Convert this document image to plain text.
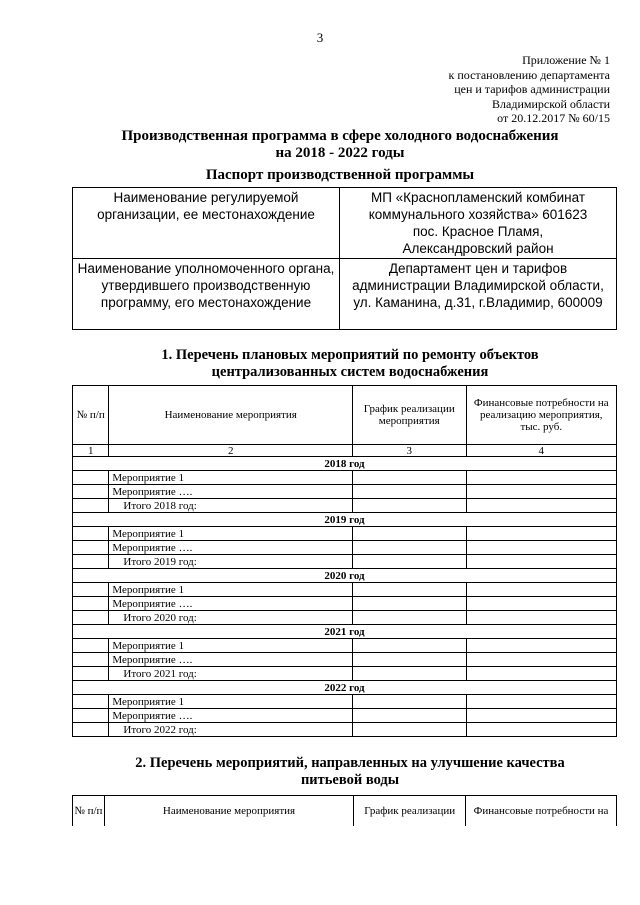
3
Приложение № 1
к постановлению департамента
цен и тарифов администрации
Владимирской области
от 20.12.2017 № 60/15
Производственная программа в сфере холодного водоснабжения
на 2018 - 2022 годы
Паспорт производственной программы
Наименование регулируемой организации, ее местонахождение	МП «Краснопламенский комбинат
коммунального хозяйства» 601623
пос. Красное Пламя,
Александровский район

Наименование уполномоченного органа, утвердившего производственную программу, его местонахождение	Департамент цен и тарифов
администрации Владимирской области,
ул. Каманина, д.31, г.Владимир, 600009
1. Перечень плановых мероприятий по ремонту объектов
централизованных систем водоснабжения
№ п/п	Наименование мероприятия	График реализации мероприятия	Финансовые потребности на реализацию мероприятия, тыс. руб.
1	2	3	4
2018 год			
	Мероприятие 1		
	Мероприятие ….		
	Итого 2018 год:		
2019 год			
	Мероприятие 1		
	Мероприятие ….		
	Итого 2019 год:		
2020 год			
	Мероприятие 1		
	Мероприятие ….		
	Итого 2020 год:		
2021 год			
	Мероприятие 1		
	Мероприятие ….		
	Итого 2021 год:		
2022 год			
	Мероприятие 1		
	Мероприятие ….		
	Итого 2022 год:		
2. Перечень мероприятий, направленных на улучшение качества
питьевой воды
№ п/п	Наименование мероприятия	График реализации	Финансовые потребности на
